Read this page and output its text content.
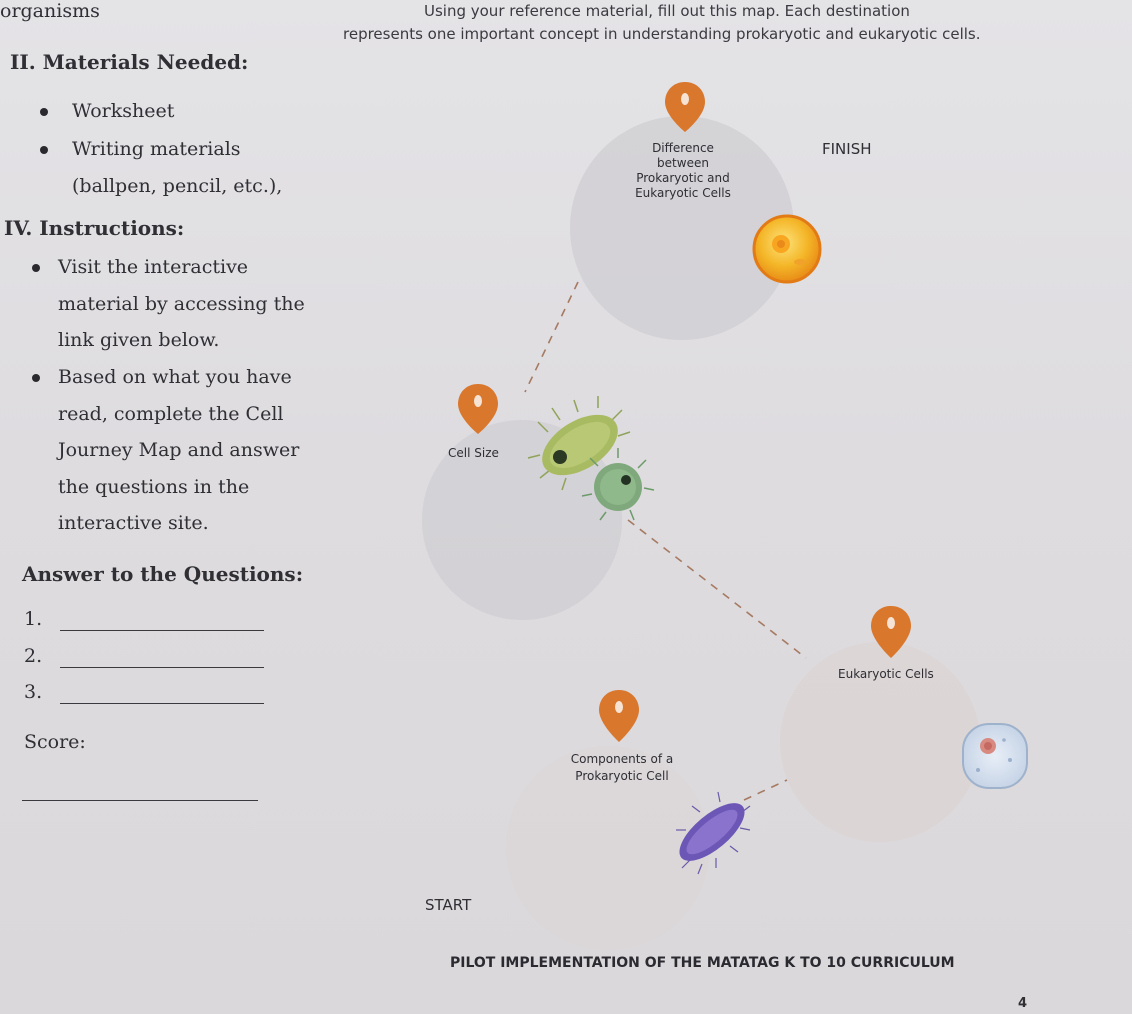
organisms	Using your reference material, fill out this map. Each destination
represents one important concept in understanding prokaryotic and eukaryotic cells.
II. Materials Needed:
Worksheet
Writing materials
(ballpen, pencil, etc.),
IV. Instructions:
Visit the interactive
material by accessing the
link given below.
Based on what you have
read, complete the Cell
Journey Map and answer
the questions in the
interactive site.
Answer to the Questions:
1.
2.
3.
Score:
Difference
between
Prokaryotic and
Eukaryotic Cells
FINISH
Cell Size
Eukaryotic Cells
Components of a
Prokaryotic Cell
START
PILOT IMPLEMENTATION OF THE MATATAG K TO 10 CURRICULUM
4
